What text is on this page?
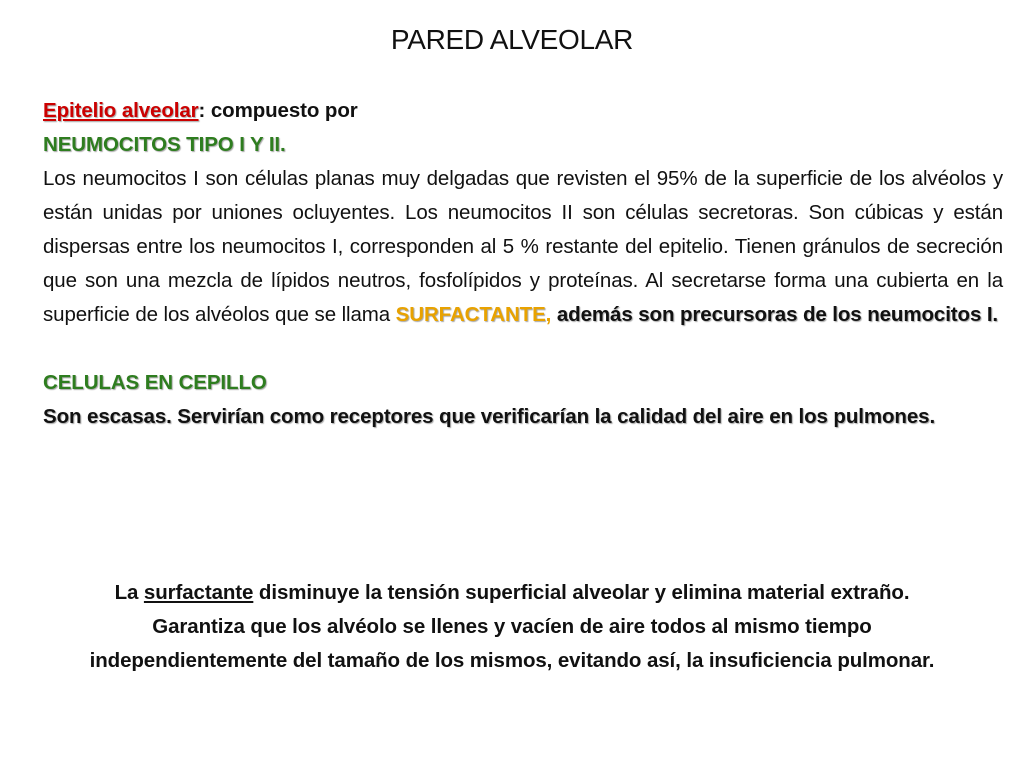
PARED ALVEOLAR

Epitelio alveolar: compuesto por

NEUMOCITOS TIPO I Y II.

Los neumocitos I son células planas muy delgadas que revisten el 95% de la superficie de los alvéolos y están unidas por uniones ocluyentes. Los neumocitos II son células secretoras. Son cúbicas y están dispersas entre los neumocitos I, corresponden al 5 % restante del epitelio. Tienen gránulos de secreción que son una mezcla de lípidos neutros, fosfolípidos y proteínas. Al secretarse forma una cubierta en la superficie de los alvéolos que se llama SURFACTANTE, además son precursoras de los neumocitos I.

CELULAS EN CEPILLO

Son escasas. Servirían como receptores que verificarían la calidad del aire en los pulmones.

La surfactante disminuye la tensión superficial alveolar y elimina material extraño. Garantiza que los alvéolo se llenes y vacíen de aire todos al mismo tiempo independientemente del tamaño de los mismos, evitando así, la insuficiencia pulmonar.
